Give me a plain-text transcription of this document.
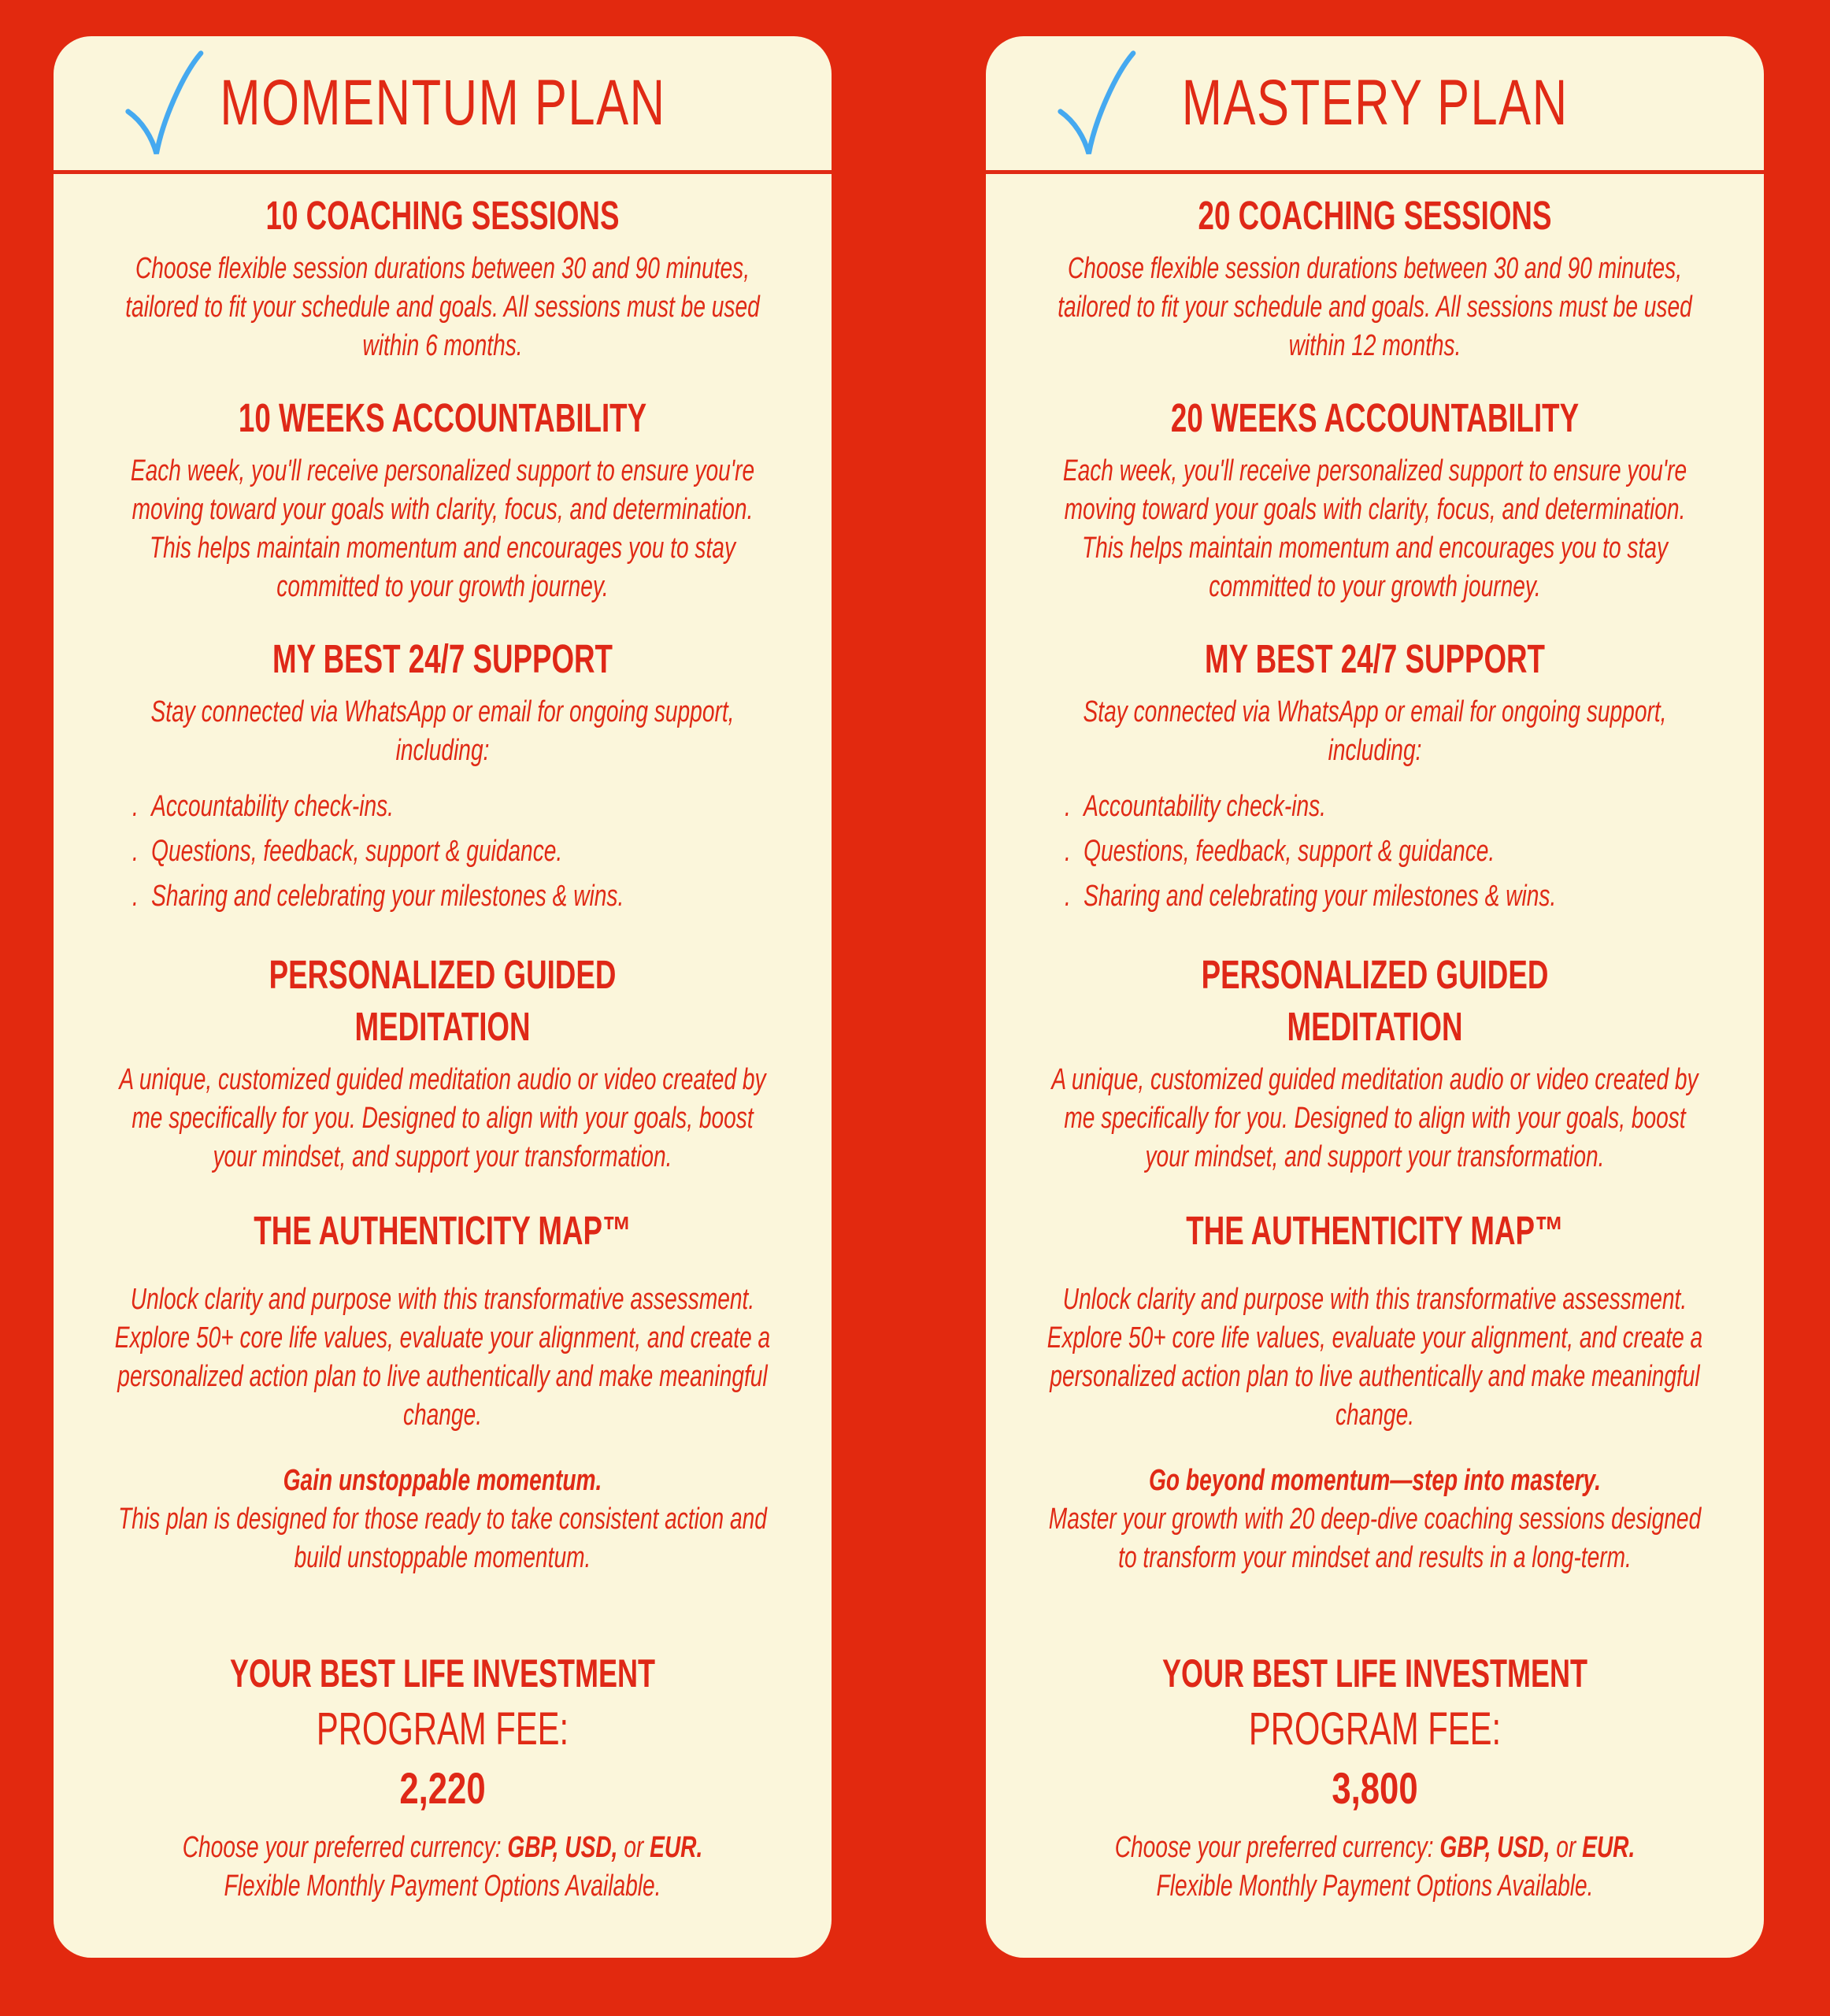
MOMENTUM PLAN
10 COACHING SESSIONS

Choose flexible session durations between 30 and 90 minutes, tailored to fit your schedule and goals. All sessions must be used within 6 months.

10 WEEKS ACCOUNTABILITY

Each week, you'll receive personalized support to ensure you're moving toward your goals with clarity, focus, and determination. This helps maintain momentum and encourages you to stay committed to your growth journey.

MY BEST 24/7 SUPPORT

Stay connected via WhatsApp or email for ongoing support, including:

. Accountability check-ins.
. Questions, feedback, support & guidance.
. Sharing and celebrating your milestones & wins.
PERSONALIZED GUIDED MEDITATION

A unique, customized guided meditation audio or video created by me specifically for you. Designed to align with your goals, boost your mindset, and support your transformation.

THE AUTHENTICITY MAP™

Unlock clarity and purpose with this transformative assessment. Explore 50+ core life values, evaluate your alignment, and create a personalized action plan to live authentically and make meaningful change.

Gain unstoppable momentum.

This plan is designed for those ready to take consistent action and build unstoppable momentum.

YOUR BEST LIFE INVESTMENT

PROGRAM FEE:

2,220

Choose your preferred currency: GBP, USD, or EUR.

Flexible Monthly Payment Options Available.

MASTERY PLAN
20 COACHING SESSIONS

Choose flexible session durations between 30 and 90 minutes, tailored to fit your schedule and goals. All sessions must be used within 12 months.

20 WEEKS ACCOUNTABILITY

Each week, you'll receive personalized support to ensure you're moving toward your goals with clarity, focus, and determination. This helps maintain momentum and encourages you to stay committed to your growth journey.

MY BEST 24/7 SUPPORT

Stay connected via WhatsApp or email for ongoing support, including:

. Accountability check-ins.
. Questions, feedback, support & guidance.
. Sharing and celebrating your milestones & wins.
PERSONALIZED GUIDED MEDITATION

A unique, customized guided meditation audio or video created by me specifically for you. Designed to align with your goals, boost your mindset, and support your transformation.

THE AUTHENTICITY MAP™

Unlock clarity and purpose with this transformative assessment. Explore 50+ core life values, evaluate your alignment, and create a personalized action plan to live authentically and make meaningful change.

Go beyond momentum—step into mastery.

Master your growth with 20 deep-dive coaching sessions designed to transform your mindset and results in a long-term.

YOUR BEST LIFE INVESTMENT

PROGRAM FEE:

3,800

Choose your preferred currency: GBP, USD, or EUR.

Flexible Monthly Payment Options Available.
